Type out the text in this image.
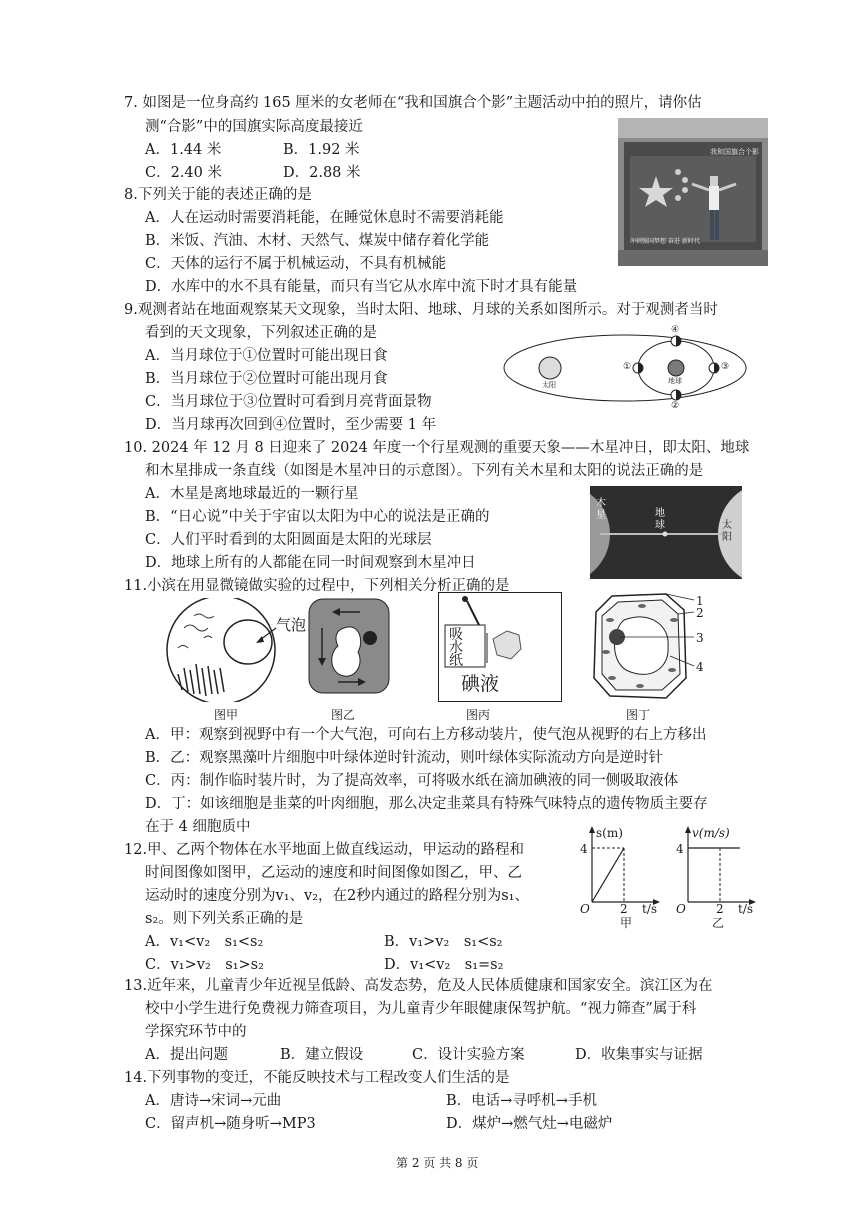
7. 如图是一位身高约 165 厘米的女老师在“我和国旗合个影”主题活动中拍的照片，请你估
测“合影”中的国旗实际高度最接近
A．1.44 米	B．1.92 米
C．2.40 米	D．2.88 米
我和国旗合个影
冲刺强国梦想 奋进 新时代
8.下列关于能的表述正确的是
A．人在运动时需要消耗能，在睡觉休息时不需要消耗能
B．米饭、汽油、木材、天然气、煤炭中储存着化学能
C．天体的运行不属于机械运动，不具有机械能
D．水库中的水不具有能量，而只有当它从水库中流下时才具有能量
9.观测者站在地面观察某天文现象，当时太阳、地球、月球的关系如图所示。对于观测者当时
看到的天文现象，下列叙述正确的是
A．当月球位于①位置时可能出现日食
B．当月球位于②位置时可能出现月食
C．当月球位于③位置时可看到月亮背面景物
D．当月球再次回到④位置时，至少需要 1 年
太阳	地球
①
②
③
④
10. 2024 年 12 月 8 日迎来了 2024 年度一个行星观测的重要天象——木星冲日，即太阳、地球
和木星排成一条直线（如图是木星冲日的示意图）。下列有关木星和太阳的说法正确的是
A．木星是离地球最近的一颗行星
B．“日心说”中关于宇宙以太阳为中心的说法是正确的
C．人们平时看到的太阳圆面是太阳的光球层
D．地球上所有的人都能在同一时间观察到木星冲日
木星	地球	太阳
11.小滨在用显微镜做实验的过程中，下列相关分析正确的是
气泡
图甲	图乙
吸
水
纸
碘液
图丙
1
2
3
4
图丁
A．甲：观察到视野中有一个大气泡，可向右上方移动装片，使气泡从视野的右上方移出
B．乙：观察黑藻叶片细胞中叶绿体逆时针流动，则叶绿体实际流动方向是逆时针
C．丙：制作临时装片时，为了提高效率，可将吸水纸在滴加碘液的同一侧吸取液体
D．丁：如该细胞是韭菜的叶肉细胞，那么决定韭菜具有特殊气味特点的遗传物质主要存
在于 4 细胞质中
12.甲、乙两个物体在水平地面上做直线运动，甲运动的路程和
时间图像如图甲，乙运动的速度和时间图像如图乙，甲、乙
运动时的速度分别为v₁、v₂，在2秒内通过的路程分别为s₁、
s₂。则下列关系正确的是
A．v₁<v₂　s₁<s₂	B．v₁>v₂　s₁<s₂
C．v₁>v₂　s₁>s₂	D．v₁<v₂　s₁=s₂
s(m)
4
O	2 t/s
甲
v(m/s)
4
O	2 t/s
乙
13.近年来，儿童青少年近视呈低龄、高发态势，危及人民体质健康和国家安全。滨江区为在
校中小学生进行免费视力筛查项目，为儿童青少年眼健康保驾护航。“视力筛查”属于科
学探究环节中的
A．提出问题	B．建立假设	C．设计实验方案	D．收集事实与证据
14.下列事物的变迁，不能反映技术与工程改变人们生活的是
A．唐诗→宋词→元曲	B．电话→寻呼机→手机
C．留声机→随身听→MP3	D．煤炉→燃气灶→电磁炉
第 2 页 共 8 页
